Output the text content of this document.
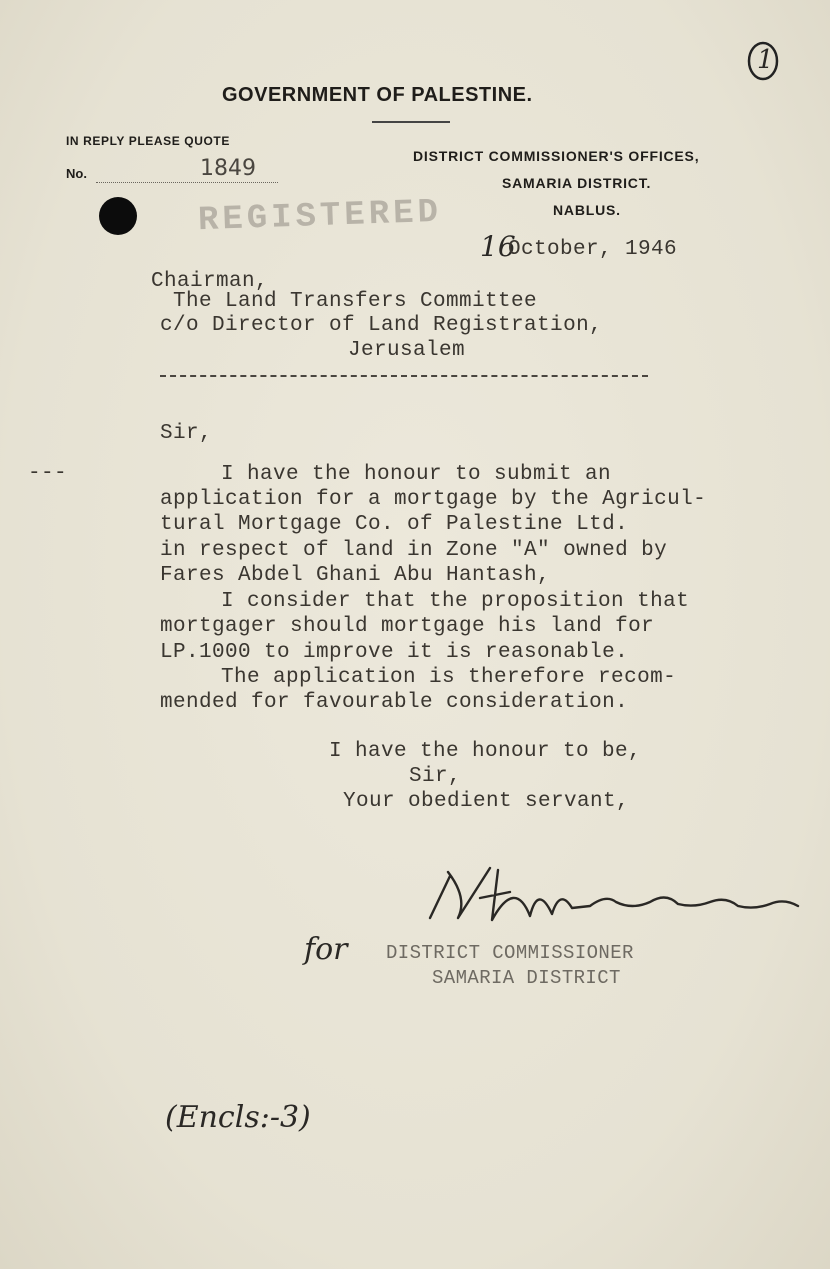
1
GOVERNMENT OF PALESTINE.
IN REPLY PLEASE QUOTE
No.	1849	DISTRICT COMMISSIONER'S OFFICES,
SAMARIA DISTRICT.
NABLUS.
REGISTERED
16
October, 1946
Chairman,
The Land Transfers Committee
c/o Director of Land Registration,
Jerusalem
Sir,
---	I have the honour to submit an
application for a mortgage by the Agricul-
tural Mortgage Co. of Palestine Ltd.
in respect of land in Zone "A" owned by
Fares Abdel Ghani Abu Hantash,
I consider that the proposition that
mortgager should mortgage his land for
LP.1000 to improve it is reasonable.
The application is therefore recom-
mended for favourable consideration.
I have the honour to be,
Sir,
Your obedient servant,
for DISTRICT COMMISSIONER
SAMARIA DISTRICT
(Encls:-3)
